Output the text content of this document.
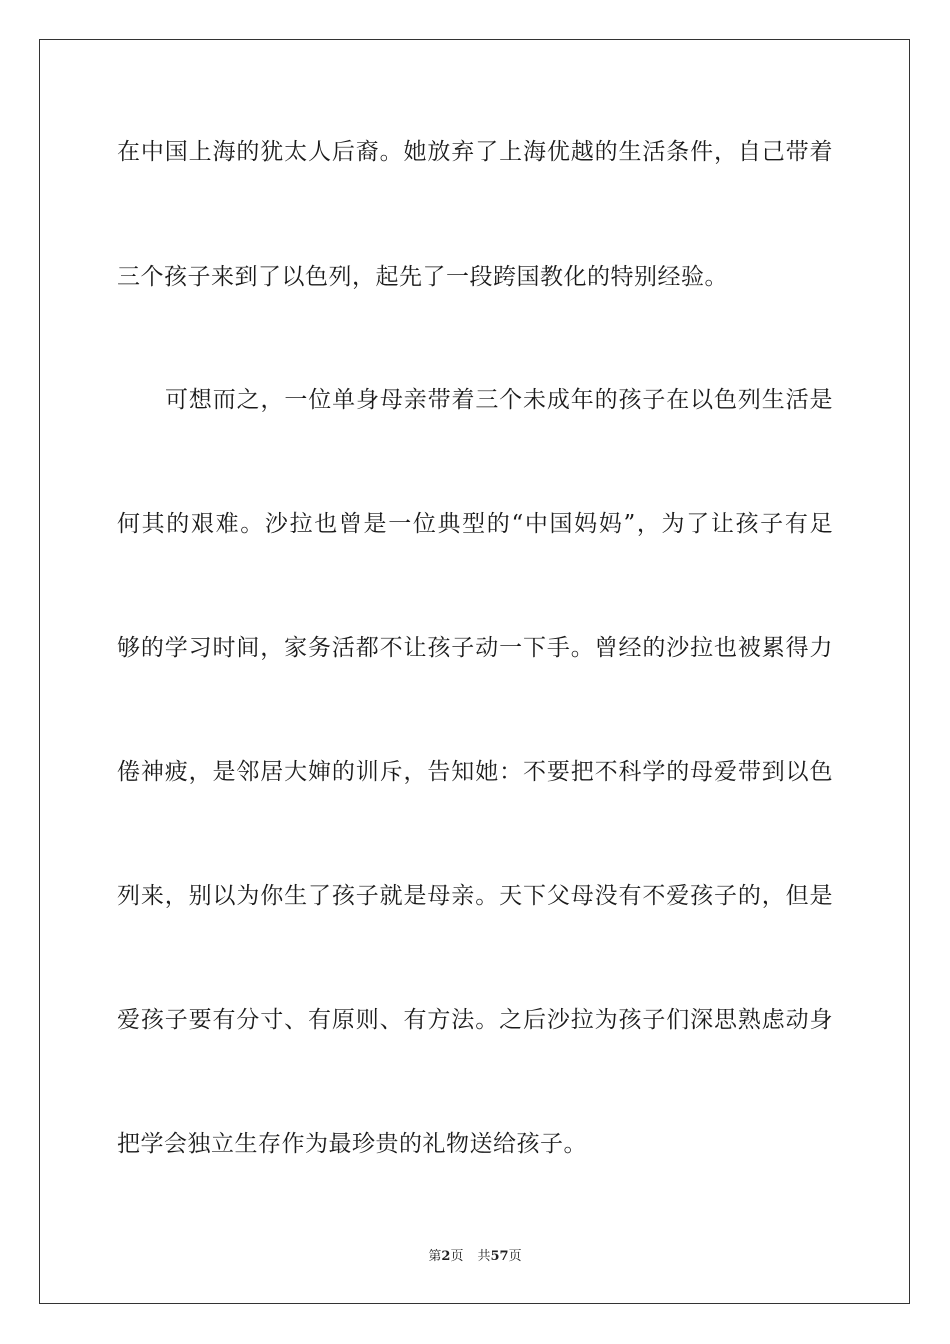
在中国上海的犹太人后裔。她放弃了上海优越的生活条件，自己带着
三个孩子来到了以色列，起先了一段跨国教化的特别经验。
可想而之，一位单身母亲带着三个未成年的孩子在以色列生活是
何其的艰难。沙拉也曾是一位典型的“中国妈妈”，为了让孩子有足
够的学习时间，家务活都不让孩子动一下手。曾经的沙拉也被累得力
倦神疲，是邻居大婶的训斥，告知她：不要把不科学的母爱带到以色
列来，别以为你生了孩子就是母亲。天下父母没有不爱孩子的，但是
爱孩子要有分寸、有原则、有方法。之后沙拉为孩子们深思熟虑动身
把学会独立生存作为最珍贵的礼物送给孩子。
第2页 共57页
